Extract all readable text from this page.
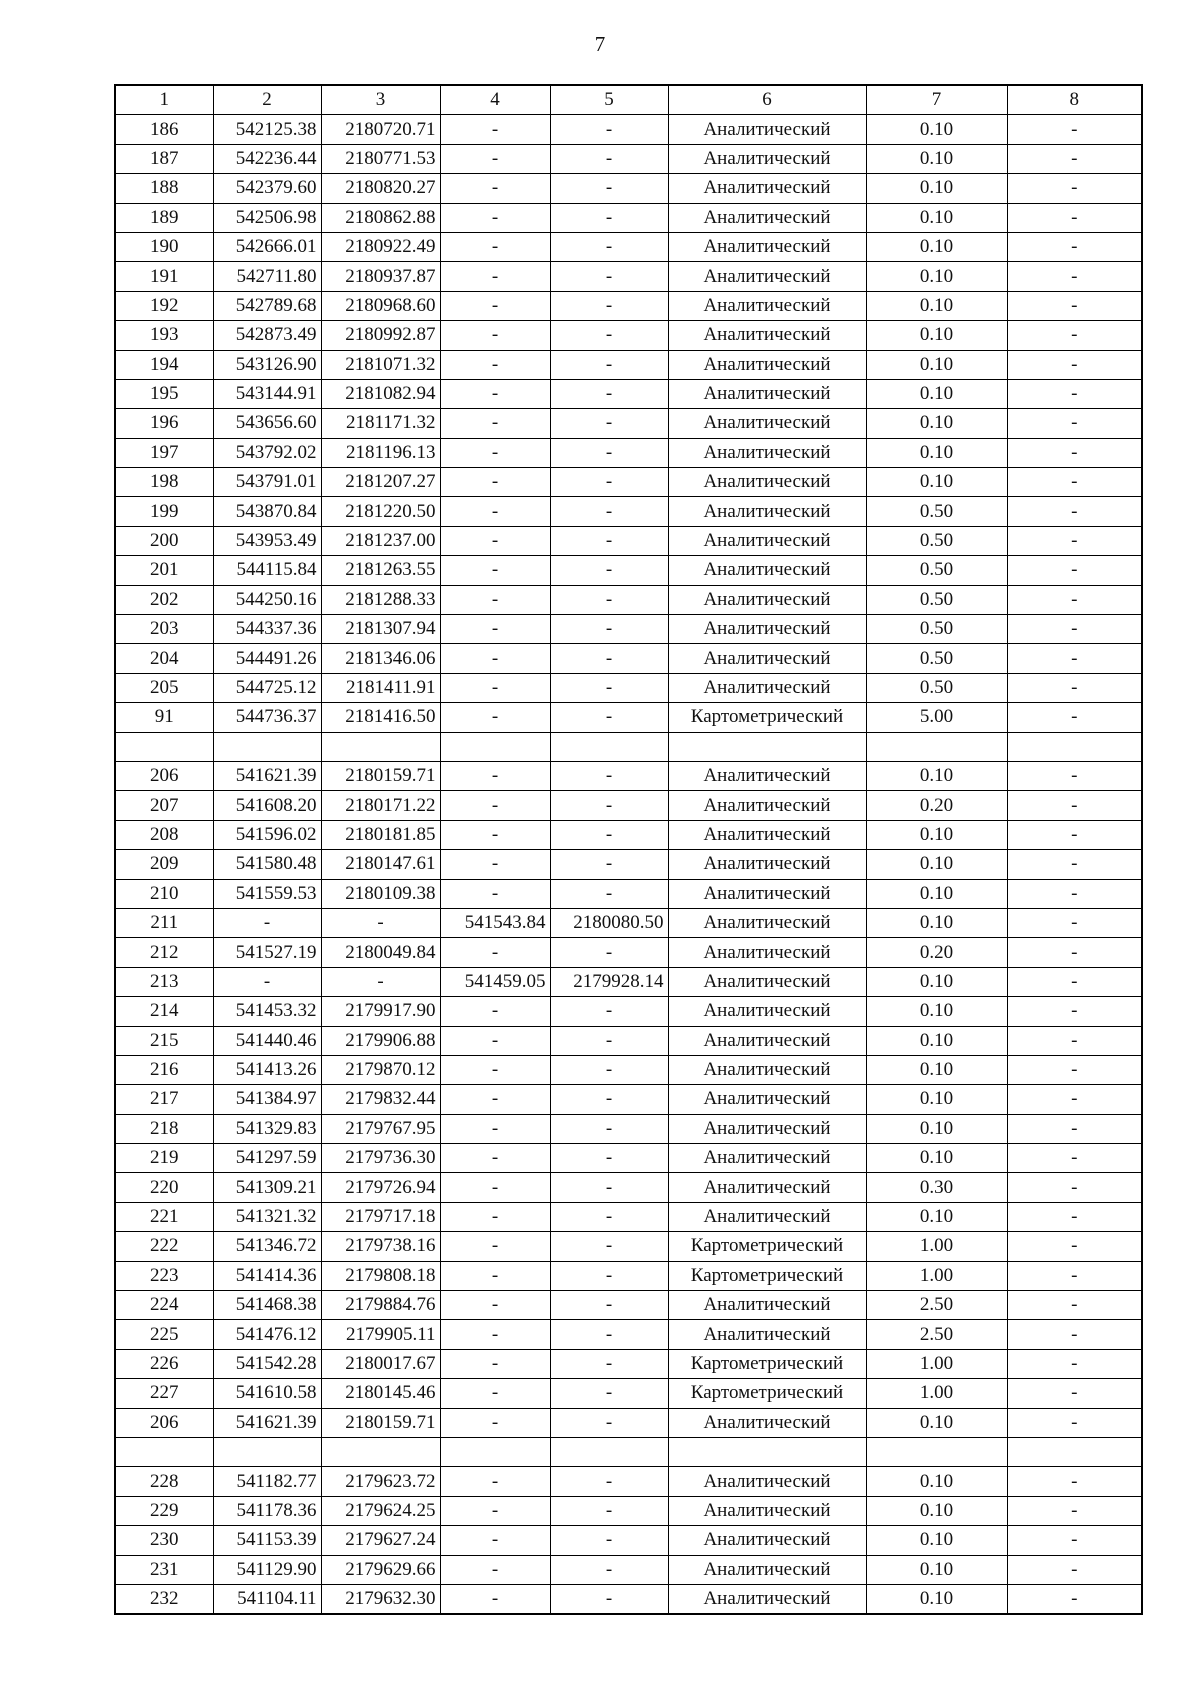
7
1	2	3	4	5	6	7	8
186	542125.38	2180720.71	-	-	Аналитический	0.10	-
187	542236.44	2180771.53	-	-	Аналитический	0.10	-
188	542379.60	2180820.27	-	-	Аналитический	0.10	-
189	542506.98	2180862.88	-	-	Аналитический	0.10	-
190	542666.01	2180922.49	-	-	Аналитический	0.10	-
191	542711.80	2180937.87	-	-	Аналитический	0.10	-
192	542789.68	2180968.60	-	-	Аналитический	0.10	-
193	542873.49	2180992.87	-	-	Аналитический	0.10	-
194	543126.90	2181071.32	-	-	Аналитический	0.10	-
195	543144.91	2181082.94	-	-	Аналитический	0.10	-
196	543656.60	2181171.32	-	-	Аналитический	0.10	-
197	543792.02	2181196.13	-	-	Аналитический	0.10	-
198	543791.01	2181207.27	-	-	Аналитический	0.10	-
199	543870.84	2181220.50	-	-	Аналитический	0.50	-
200	543953.49	2181237.00	-	-	Аналитический	0.50	-
201	544115.84	2181263.55	-	-	Аналитический	0.50	-
202	544250.16	2181288.33	-	-	Аналитический	0.50	-
203	544337.36	2181307.94	-	-	Аналитический	0.50	-
204	544491.26	2181346.06	-	-	Аналитический	0.50	-
205	544725.12	2181411.91	-	-	Аналитический	0.50	-
91	544736.37	2181416.50	-	-	Картометрический	5.00	-

206	541621.39	2180159.71	-	-	Аналитический	0.10	-
207	541608.20	2180171.22	-	-	Аналитический	0.20	-
208	541596.02	2180181.85	-	-	Аналитический	0.10	-
209	541580.48	2180147.61	-	-	Аналитический	0.10	-
210	541559.53	2180109.38	-	-	Аналитический	0.10	-
211	-	-	541543.84	2180080.50	Аналитический	0.10	-
212	541527.19	2180049.84	-	-	Аналитический	0.20	-
213	-	-	541459.05	2179928.14	Аналитический	0.10	-
214	541453.32	2179917.90	-	-	Аналитический	0.10	-
215	541440.46	2179906.88	-	-	Аналитический	0.10	-
216	541413.26	2179870.12	-	-	Аналитический	0.10	-
217	541384.97	2179832.44	-	-	Аналитический	0.10	-
218	541329.83	2179767.95	-	-	Аналитический	0.10	-
219	541297.59	2179736.30	-	-	Аналитический	0.10	-
220	541309.21	2179726.94	-	-	Аналитический	0.30	-
221	541321.32	2179717.18	-	-	Аналитический	0.10	-
222	541346.72	2179738.16	-	-	Картометрический	1.00	-
223	541414.36	2179808.18	-	-	Картометрический	1.00	-
224	541468.38	2179884.76	-	-	Аналитический	2.50	-
225	541476.12	2179905.11	-	-	Аналитический	2.50	-
226	541542.28	2180017.67	-	-	Картометрический	1.00	-
227	541610.58	2180145.46	-	-	Картометрический	1.00	-
206	541621.39	2180159.71	-	-	Аналитический	0.10	-

228	541182.77	2179623.72	-	-	Аналитический	0.10	-
229	541178.36	2179624.25	-	-	Аналитический	0.10	-
230	541153.39	2179627.24	-	-	Аналитический	0.10	-
231	541129.90	2179629.66	-	-	Аналитический	0.10	-
232	541104.11	2179632.30	-	-	Аналитический	0.10	-
